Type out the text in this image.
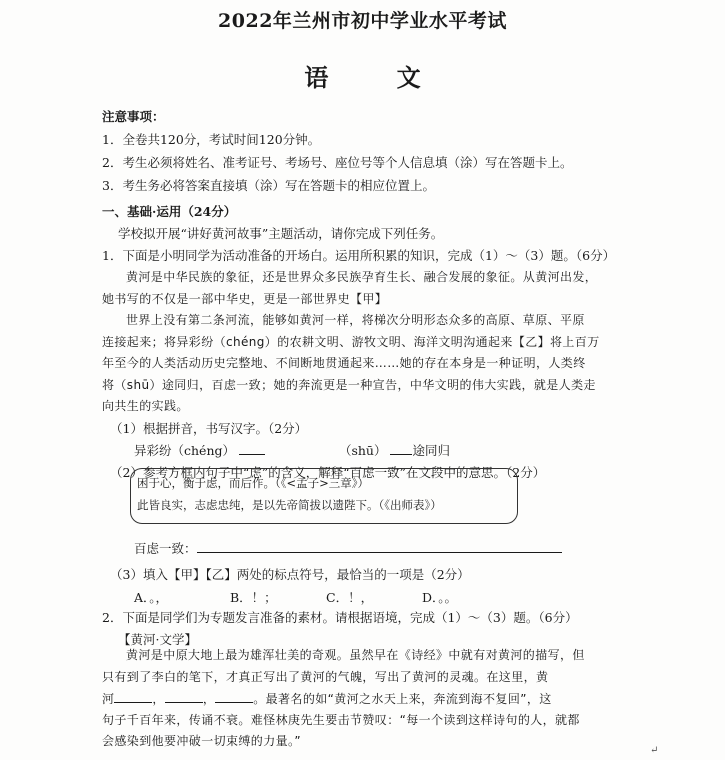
2022年兰州市初中学业水平考试
语 文
注意事项：
1．全卷共120分，考试时间120分钟。
2．考生必须将姓名、准考证号、考场号、座位号等个人信息填（涂）写在答题卡上。
3．考生务必将答案直接填（涂）写在答题卡的相应位置上。
一、基础·运用（24分）
学校拟开展“讲好黄河故事”主题活动，请你完成下列任务。
1．下面是小明同学为活动准备的开场白。运用所积累的知识，完成（1）～（3）题。（6分）
黄河是中华民族的象征，还是世界众多民族孕育生长、融合发展的象征。从黄河出发，
她书写的不仅是一部中华史，更是一部世界史【甲】
世界上没有第二条河流，能够如黄河一样，将梯次分明形态众多的高原、草原、平原
连接起来；将异彩纷（chéng）的农耕文明、游牧文明、海洋文明沟通起来【乙】将上百万
年至今的人类活动历史完整地、不间断地贯通起来……她的存在本身是一种证明，人类终
将（shū）途同归，百虑一致；她的奔流更是一种宣告，中华文明的伟大实践，就是人类走
向共生的实践。
（1）根据拼音，书写汉字。（2分）
异彩纷（chéng）	（shū） 途同归
（2）参考方框内句子中“虑”的含义，解释“百虑一致”在文段中的意思。（2分）
困于心，衡于虑，而后作。（《<孟子>三章》）
此皆良实，志虑忠纯，是以先帝简拔以遗陛下。（《出师表》）
百虑一致：
（3）填入【甲】【乙】两处的标点符号，最恰当的一项是（2分）
A．。，	B．！；	C．！，	D．。。
2．下面是同学们为专题发言准备的素材。请根据语境，完成（1）～（3）题。（6分）
【黄河·文学】
黄河是中原大地上最为雄浑壮美的奇观。虽然早在《诗经》中就有对黄河的描写，但
只有到了李白的笔下，才真正写出了黄河的气魄，写出了黄河的灵魂。在这里，黄
河	，	，	。最著名的如“黄河之水天上来，奔流到海不复回”，这
句子千百年来，传诵不衰。难怪林庚先生要击节赞叹：“每一个读到这样诗句的人，就都
会感染到他要冲破一切束缚的力量。”
↵
